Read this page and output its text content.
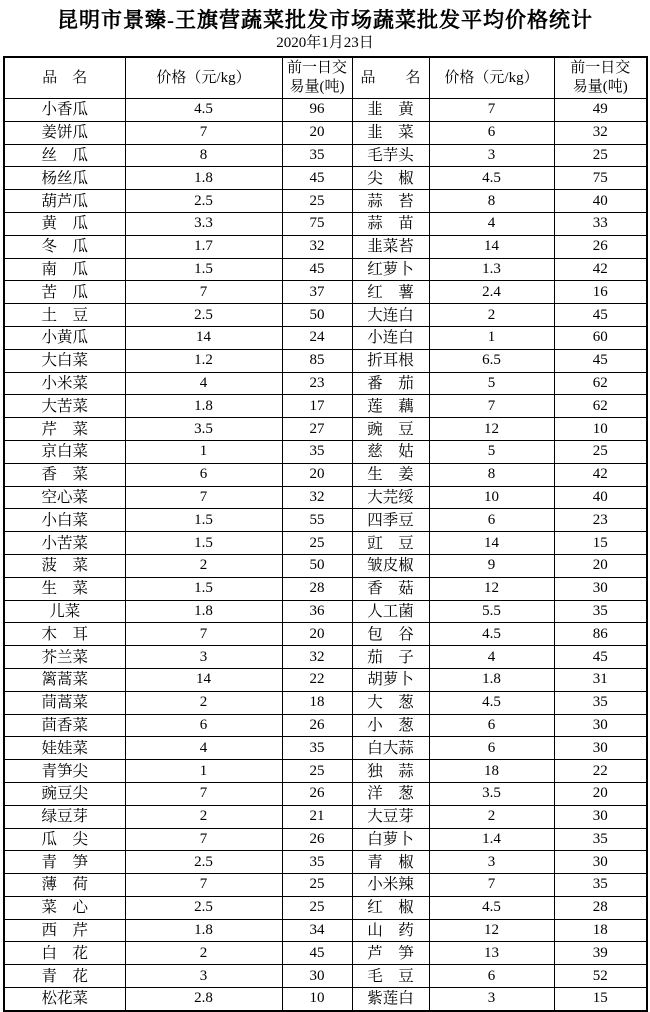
昆明市景臻-王旗营蔬菜批发市场蔬菜批发平均价格统计
2020年1月23日
品　名	价格（元/kg）	前一日交易量(吨)	品　　名	价格（元/kg）	前一日交易量(吨)
小香瓜	4.5	96	韭　黄	7	49
姜饼瓜	7	20	韭　菜	6	32
丝　瓜	8	35	毛芋头	3	25
杨丝瓜	1.8	45	尖　椒	4.5	75
葫芦瓜	2.5	25	蒜　苔	8	40
黄　瓜	3.3	75	蒜　苗	4	33
冬　瓜	1.7	32	韭菜苔	14	26
南　瓜	1.5	45	红萝卜	1.3	42
苦　瓜	7	37	红　薯	2.4	16
土　豆	2.5	50	大连白	2	45
小黄瓜	14	24	小连白	1	60
大白菜	1.2	85	折耳根	6.5	45
小米菜	4	23	番　茄	5	62
大苦菜	1.8	17	莲　藕	7	62
芹　菜	3.5	27	豌　豆	12	10
京白菜	1	35	慈　姑	5	25
香　菜	6	20	生　姜	8	42
空心菜	7	32	大芫绥	10	40
小白菜	1.5	55	四季豆	6	23
小苦菜	1.5	25	豇　豆	14	15
菠　菜	2	50	皱皮椒	9	20
生　菜	1.5	28	香　菇	12	30
儿菜	1.8	36	人工菌	5.5	35
木　耳	7	20	包　谷	4.5	86
芥兰菜	3	32	茄　子	4	45
篱蒿菜	14	22	胡萝卜	1.8	31
茼蒿菜	2	18	大　葱	4.5	35
茴香菜	6	26	小　葱	6	30
娃娃菜	4	35	白大蒜	6	30
青笋尖	1	25	独　蒜	18	22
豌豆尖	7	26	洋　葱	3.5	20
绿豆芽	2	21	大豆芽	2	30
瓜　尖	7	26	白萝卜	1.4	35
青　笋	2.5	35	青　椒	3	30
薄　荷	7	25	小米辣	7	35
菜　心	2.5	25	红　椒	4.5	28
西　芹	1.8	34	山　药	12	18
白　花	2	45	芦　笋	13	39
青　花	3	30	毛　豆	6	52
松花菜	2.8	10	紫莲白	3	15
